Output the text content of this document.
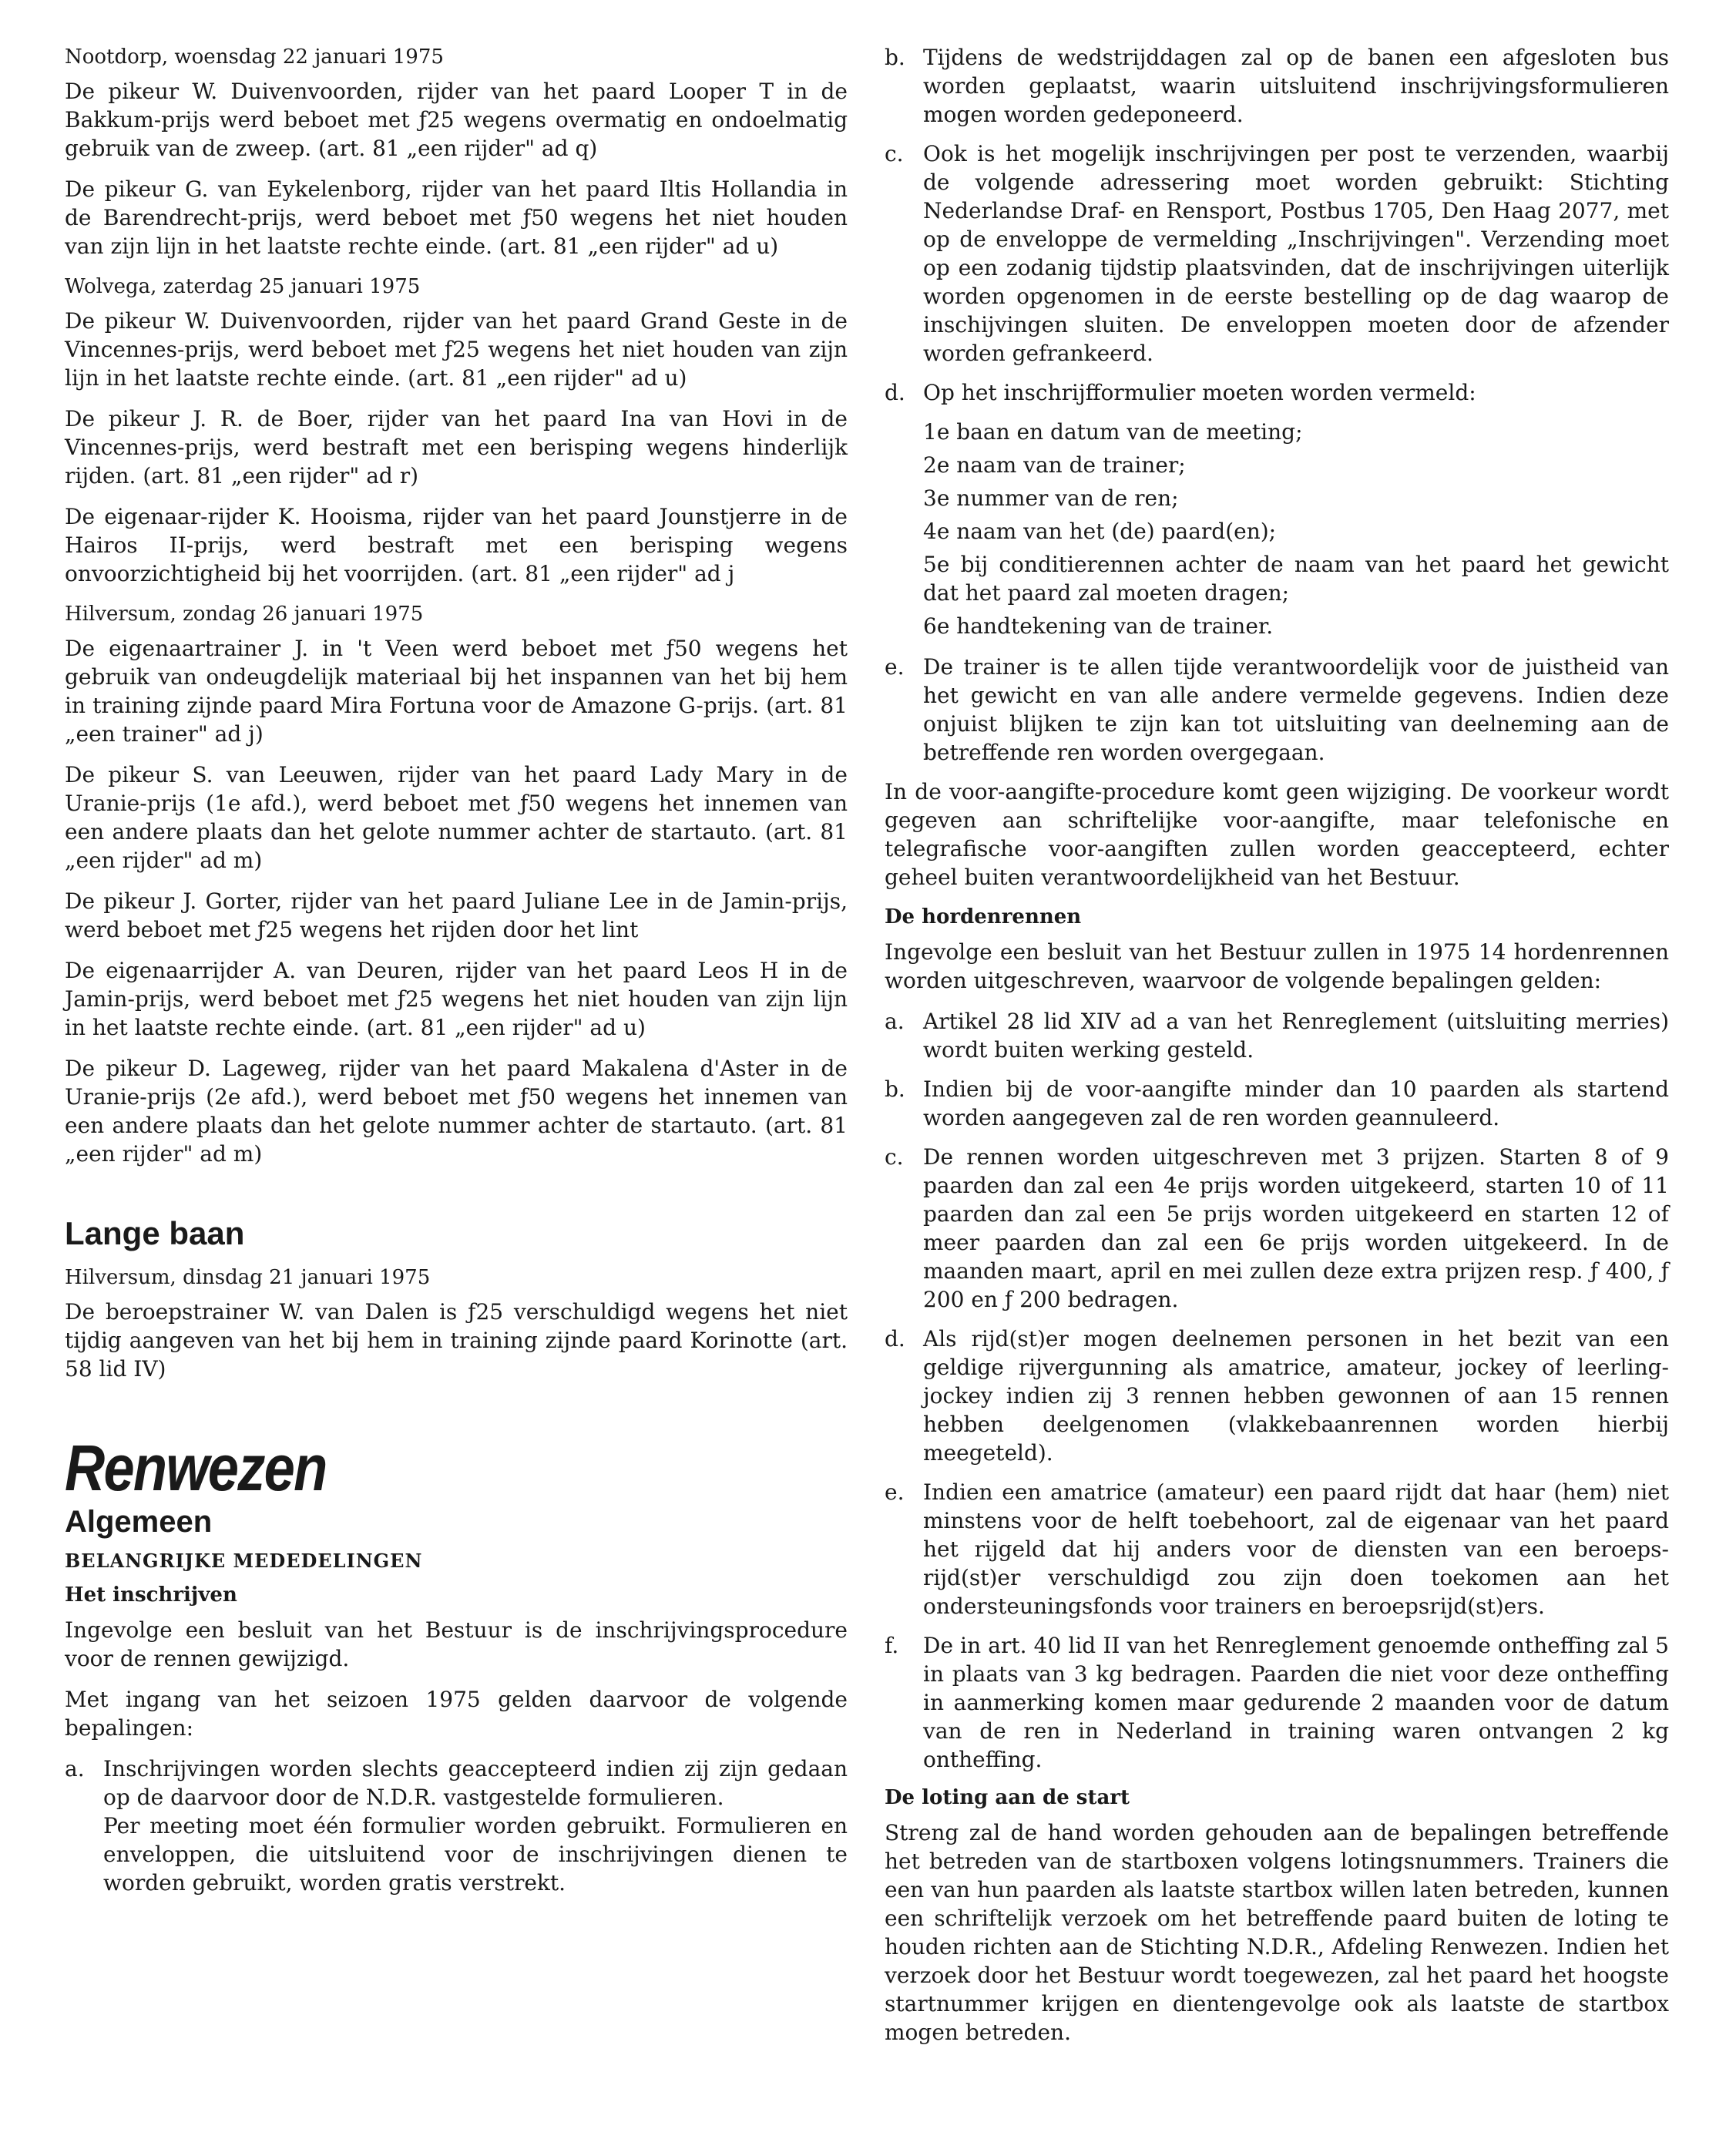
Nootdorp, woensdag 22 januari 1975

De pikeur W. Duivenvoorden, rijder van het paard Looper T in de Bakkum-prijs werd beboet met ƒ25 wegens overmatig en ondoelmatig gebruik van de zweep. (art. 81 „een rijder" ad q)

De pikeur G. van Eykelenborg, rijder van het paard Iltis Hollandia in de Barendrecht-prijs, werd beboet met ƒ50 wegens het niet houden van zijn lijn in het laatste rechte einde. (art. 81 „een rijder" ad u)

Wolvega, zaterdag 25 januari 1975

De pikeur W. Duivenvoorden, rijder van het paard Grand Geste in de Vincennes-prijs, werd beboet met ƒ25 wegens het niet houden van zijn lijn in het laatste rechte einde. (art. 81 „een rijder" ad u)

De pikeur J. R. de Boer, rijder van het paard Ina van Hovi in de Vincennes-prijs, werd bestraft met een berisping wegens hinderlijk rijden. (art. 81 „een rijder" ad r)

De eigenaar-rijder K. Hooisma, rijder van het paard Jounstjerre in de Hairos II-prijs, werd bestraft met een berisping wegens onvoorzichtigheid bij het voorrijden. (art. 81 „een rijder" ad j

Hilversum, zondag 26 januari 1975

De eigenaartrainer J. in 't Veen werd beboet met ƒ50 wegens het gebruik van ondeugdelijk materiaal bij het inspannen van het bij hem in training zijnde paard Mira Fortuna voor de Amazone G-prijs. (art. 81 „een trainer" ad j)

De pikeur S. van Leeuwen, rijder van het paard Lady Mary in de Uranie-prijs (1e afd.), werd beboet met ƒ50 wegens het innemen van een andere plaats dan het gelote nummer achter de startauto. (art. 81 „een rijder" ad m)

De pikeur J. Gorter, rijder van het paard Juliane Lee in de Jamin-prijs, werd beboet met ƒ25 wegens het rijden door het lint

De eigenaarrijder A. van Deuren, rijder van het paard Leos H in de Jamin-prijs, werd beboet met ƒ25 wegens het niet houden van zijn lijn in het laatste rechte einde. (art. 81 „een rijder" ad u)

De pikeur D. Lageweg, rijder van het paard Makalena d'Aster in de Uranie-prijs (2e afd.), werd beboet met ƒ50 wegens het innemen van een andere plaats dan het gelote nummer achter de startauto. (art. 81 „een rijder" ad m)

Lange baan

Hilversum, dinsdag 21 januari 1975

De beroepstrainer W. van Dalen is ƒ25 verschuldigd wegens het niet tijdig aangeven van het bij hem in training zijnde paard Korinotte (art. 58 lid IV)

Renwezen
Algemeen
BELANGRIJKE MEDEDELINGEN
Het inschrijven

Ingevolge een besluit van het Bestuur is de inschrijvingsprocedure voor de rennen gewijzigd.

Met ingang van het seizoen 1975 gelden daarvoor de volgende bepalingen:

a. Inschrijvingen worden slechts geaccepteerd indien zij zijn gedaan op de daarvoor door de N.D.R. vastgestelde formulieren.

Per meeting moet één formulier worden gebruikt. Formulieren en enveloppen, die uitsluitend voor de inschrijvingen dienen te worden gebruikt, worden gratis verstrekt.

b. Tijdens de wedstrijddagen zal op de banen een afgesloten bus worden geplaatst, waarin uitsluitend inschrijvingsformulieren mogen worden gedeponeerd.

c. Ook is het mogelijk inschrijvingen per post te verzenden, waarbij de volgende adressering moet worden gebruikt: Stichting Nederlandse Draf- en Rensport, Postbus 1705, Den Haag 2077, met op de enveloppe de vermelding „Inschrijvingen". Verzending moet op een zodanig tijdstip plaatsvinden, dat de inschrijvingen uiterlijk worden opgenomen in de eerste bestelling op de dag waarop de inschijvingen sluiten. De enveloppen moeten door de afzender worden gefrankeerd.

d. Op het inschrijfformulier moeten worden vermeld:

1e baan en datum van de meeting;

2e naam van de trainer;

3e nummer van de ren;

4e naam van het (de) paard(en);

5e bij conditierennen achter de naam van het paard het gewicht dat het paard zal moeten dragen;

6e handtekening van de trainer.

e. De trainer is te allen tijde verantwoordelijk voor de juistheid van het gewicht en van alle andere vermelde gegevens. Indien deze onjuist blijken te zijn kan tot uitsluiting van deelneming aan de betreffende ren worden overgegaan.

In de voor-aangifte-procedure komt geen wijziging. De voorkeur wordt gegeven aan schriftelijke voor-aangifte, maar telefonische en telegrafische voor-aangiften zullen worden geaccepteerd, echter geheel buiten verantwoordelijkheid van het Bestuur.

De hordenrennen

Ingevolge een besluit van het Bestuur zullen in 1975 14 hordenrennen worden uitgeschreven, waarvoor de volgende bepalingen gelden:

a. Artikel 28 lid XIV ad a van het Renreglement (uitsluiting merries) wordt buiten werking gesteld.

b. Indien bij de voor-aangifte minder dan 10 paarden als startend worden aangegeven zal de ren worden geannuleerd.

c. De rennen worden uitgeschreven met 3 prijzen. Starten 8 of 9 paarden dan zal een 4e prijs worden uitgekeerd, starten 10 of 11 paarden dan zal een 5e prijs worden uitgekeerd en starten 12 of meer paarden dan zal een 6e prijs worden uitgekeerd. In de maanden maart, april en mei zullen deze extra prijzen resp. ƒ 400, ƒ 200 en ƒ 200 bedragen.

d. Als rijd(st)er mogen deelnemen personen in het bezit van een geldige rijvergunning als amatrice, amateur, jockey of leerling-jockey indien zij 3 rennen hebben gewonnen of aan 15 rennen hebben deelgenomen (vlakkebaanrennen worden hierbij meegeteld).

e. Indien een amatrice (amateur) een paard rijdt dat haar (hem) niet minstens voor de helft toebehoort, zal de eigenaar van het paard het rijgeld dat hij anders voor de diensten van een beroeps-rijd(st)er verschuldigd zou zijn doen toekomen aan het ondersteuningsfonds voor trainers en beroepsrijd(st)ers.

f.	De in art. 40 lid II van het Renreglement genoemde ontheffing zal 5 in plaats van 3 kg bedragen. Paarden die niet voor deze ontheffing in aanmerking komen maar gedurende 2 maanden voor de datum van de ren in Nederland in training waren ontvangen 2 kg ontheffing.

De loting aan de start

Streng zal de hand worden gehouden aan de bepalingen betreffende het betreden van de startboxen volgens lotingsnummers. Trainers die een van hun paarden als laatste startbox willen laten betreden, kunnen een schriftelijk verzoek om het betreffende paard buiten de loting te houden richten aan de Stichting N.D.R., Afdeling Renwezen. Indien het verzoek door het Bestuur wordt toegewezen, zal het paard het hoogste startnummer krijgen en dientengevolge ook als laatste de startbox mogen betreden.
